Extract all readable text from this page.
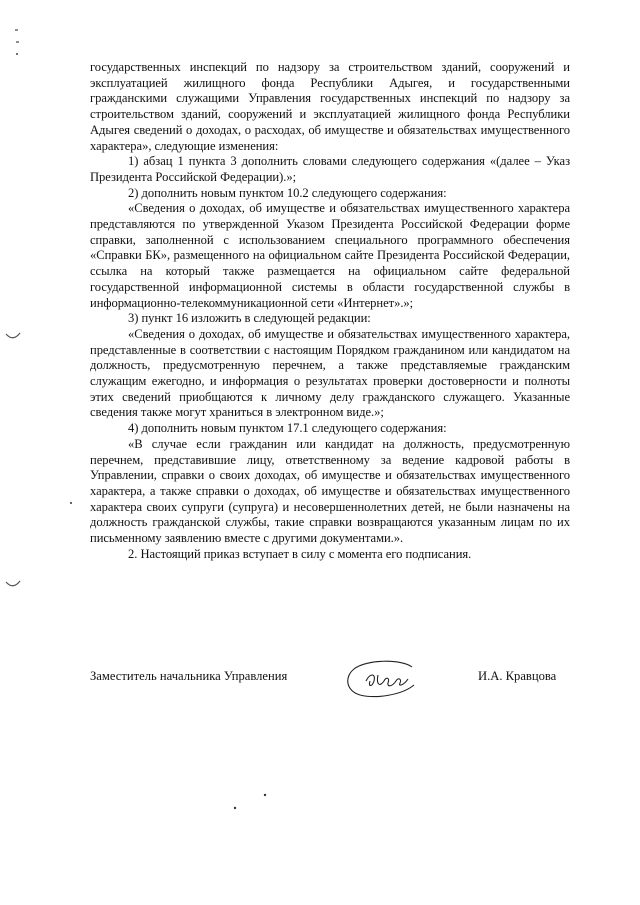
государственных инспекций по надзору за строительством зданий, сооружений и эксплуатацией жилищного фонда Республики Адыгея, и государственными гражданскими служащими Управления государственных инспекций по надзору за строительством зданий, сооружений и эксплуатацией жилищного фонда Республики Адыгея сведений о доходах, о расходах, об имуществе и обязательствах имущественного характера», следующие изменения:

1) абзац 1 пункта 3 дополнить словами следующего содержания «(далее – Указ Президента Российской Федерации).»;

2) дополнить новым пунктом 10.2 следующего содержания:

«Сведения о доходах, об имуществе и обязательствах имущественного характера представляются по утвержденной Указом Президента Российской Федерации форме справки, заполненной с использованием специального программного обеспечения «Справки БК», размещенного на официальном сайте Президента Российской Федерации, ссылка на который также размещается на официальном сайте федеральной государственной информационной системы в области государственной службы в информационно-телекоммуникационной сети «Интернет».»;

3) пункт 16 изложить в следующей редакции:

«Сведения о доходах, об имуществе и обязательствах имущественного характера, представленные в соответствии с настоящим Порядком гражданином или кандидатом на должность, предусмотренную перечнем, а также представляемые гражданским служащим ежегодно, и информация о результатах проверки достоверности и полноты этих сведений приобщаются к личному делу гражданского служащего. Указанные сведения также могут храниться в электронном виде.»;

4) дополнить новым пунктом 17.1 следующего содержания:

«В случае если гражданин или кандидат на должность, предусмотренную перечнем, представившие лицу, ответственному за ведение кадровой работы в Управлении, справки о своих доходах, об имуществе и обязательствах имущественного характера, а также справки о доходах, об имуществе и обязательствах имущественного характера своих супруги (супруга) и несовершеннолетних детей, не были назначены на должность гражданской службы, такие справки возвращаются указанным лицам по их письменному заявлению вместе с другими документами.».

2. Настоящий приказ вступает в силу с момента его подписания.

Заместитель начальника Управления	И.А. Кравцова
